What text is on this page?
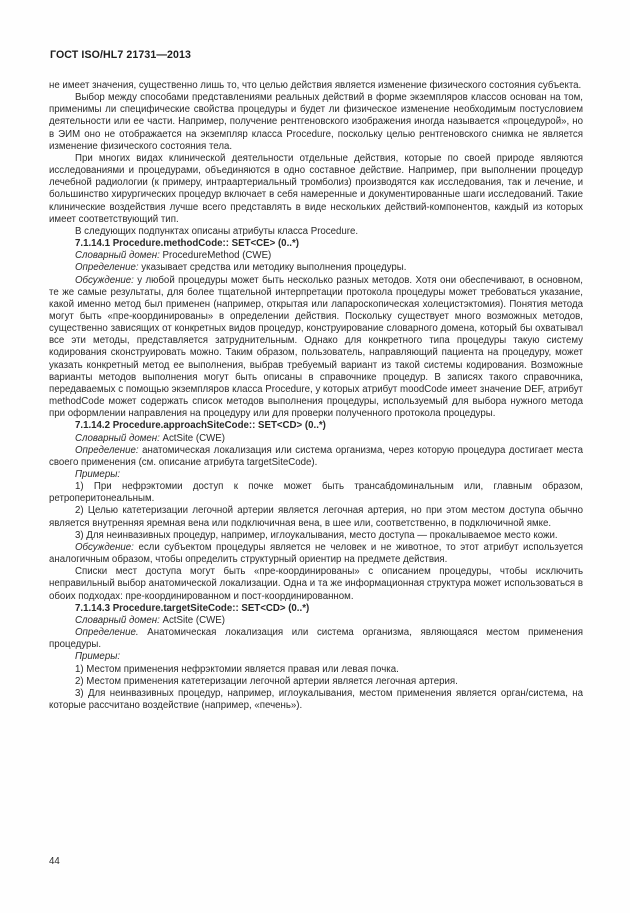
ГОСТ ISO/HL7 21731—2013

не имеет значения, существенно лишь то, что целью действия является изменение физического состояния субъекта.

Выбор между способами представлениями реальных действий в форме экземпляров классов основан на том, применимы ли специфические свойства процедуры и будет ли физическое изменение необходимым постусловием деятельности или ее части. Например, получение рентгеновского изображения иногда называется «процедурой», но в ЭИМ оно не отображается на экземпляр класса Procedure, поскольку целью рентгеновского снимка не является изменение физического состояния тела.

При многих видах клинической деятельности отдельные действия, которые по своей природе являются исследованиями и процедурами, объединяются в одно составное действие. Например, при выполнении процедур лечебной радиологии (к примеру, интраартериальный тромболиз) производятся как исследования, так и лечение, и большинство хирургических процедур включает в себя намеренные и документированные шаги исследований. Такие клинические воздействия лучше всего представлять в виде нескольких действий-компонентов, каждый из которых имеет соответствующий тип.

В следующих подпунктах описаны атрибуты класса Procedure.

7.1.14.1 Procedure.methodCode:: SET<CE> (0..*)

Словарный домен: ProcedureMethod (CWE)

Определение: указывает средства или методику выполнения процедуры.

Обсуждение: у любой процедуры может быть несколько разных методов. Хотя они обеспечивают, в основном, те же самые результаты, для более тщательной интерпретации протокола процедуры может требоваться указание, какой именно метод был применен (например, открытая или лапароскопическая холецистэктомия). Понятия метода могут быть «пре-координированы» в определении действия. Поскольку существует много возможных методов, существенно зависящих от конкретных видов процедур, конструирование словарного домена, который бы охватывал все эти методы, представляется затруднительным. Однако для конкретного типа процедуры такую систему кодирования сконструировать можно. Таким образом, пользователь, направляющий пациента на процедуру, может указать конкретный метод ее выполнения, выбрав требуемый вариант из такой системы кодирования. Возможные варианты методов выполнения могут быть описаны в справочнике процедур. В записях такого справочника, передаваемых с помощью экземпляров класса Procedure, у которых атрибут moodCode имеет значение DEF, атрибут methodCode может содержать список методов выполнения процедуры, используемый для выбора нужного метода при оформлении направления на процедуру или для проверки полученного протокола процедуры.

7.1.14.2 Procedure.approachSiteCode:: SET<CD> (0..*)

Словарный домен: ActSite (CWE)

Определение: анатомическая локализация или система организма, через которую процедура достигает места своего применения (см. описание атрибута targetSiteCode).

Примеры:

1) При нефрэктомии доступ к почке может быть трансабдоминальным или, главным образом, ретроперитонеальным.

2) Целью катетеризации легочной артерии является легочная артерия, но при этом местом доступа обычно является внутренняя яремная вена или подключичная вена, в шее или, соответственно, в подключичной ямке.

3) Для неинвазивных процедур, например, иглоукалывания, место доступа — прокалываемое место кожи.

Обсуждение: если субъектом процедуры является не человек и не животное, то этот атрибут используется аналогичным образом, чтобы определить структурный ориентир на предмете действия.

Списки мест доступа могут быть «пре-координированы» с описанием процедуры, чтобы исключить неправильный выбор анатомической локализации. Одна и та же информационная структура может использоваться в обоих подходах: пре-координированном и пост-координированном.

7.1.14.3 Procedure.targetSiteCode:: SET<CD> (0..*)

Словарный домен: ActSite (CWE)

Определение. Анатомическая локализация или система организма, являющаяся местом применения процедуры.

Примеры:

1) Местом применения нефрэктомии является правая или левая почка.

2) Местом применения катетеризации легочной артерии является легочная артерия.

3) Для неинвазивных процедур, например, иглоукалывания, местом применения является орган/система, на которые рассчитано воздействие (например, «печень»).

44
